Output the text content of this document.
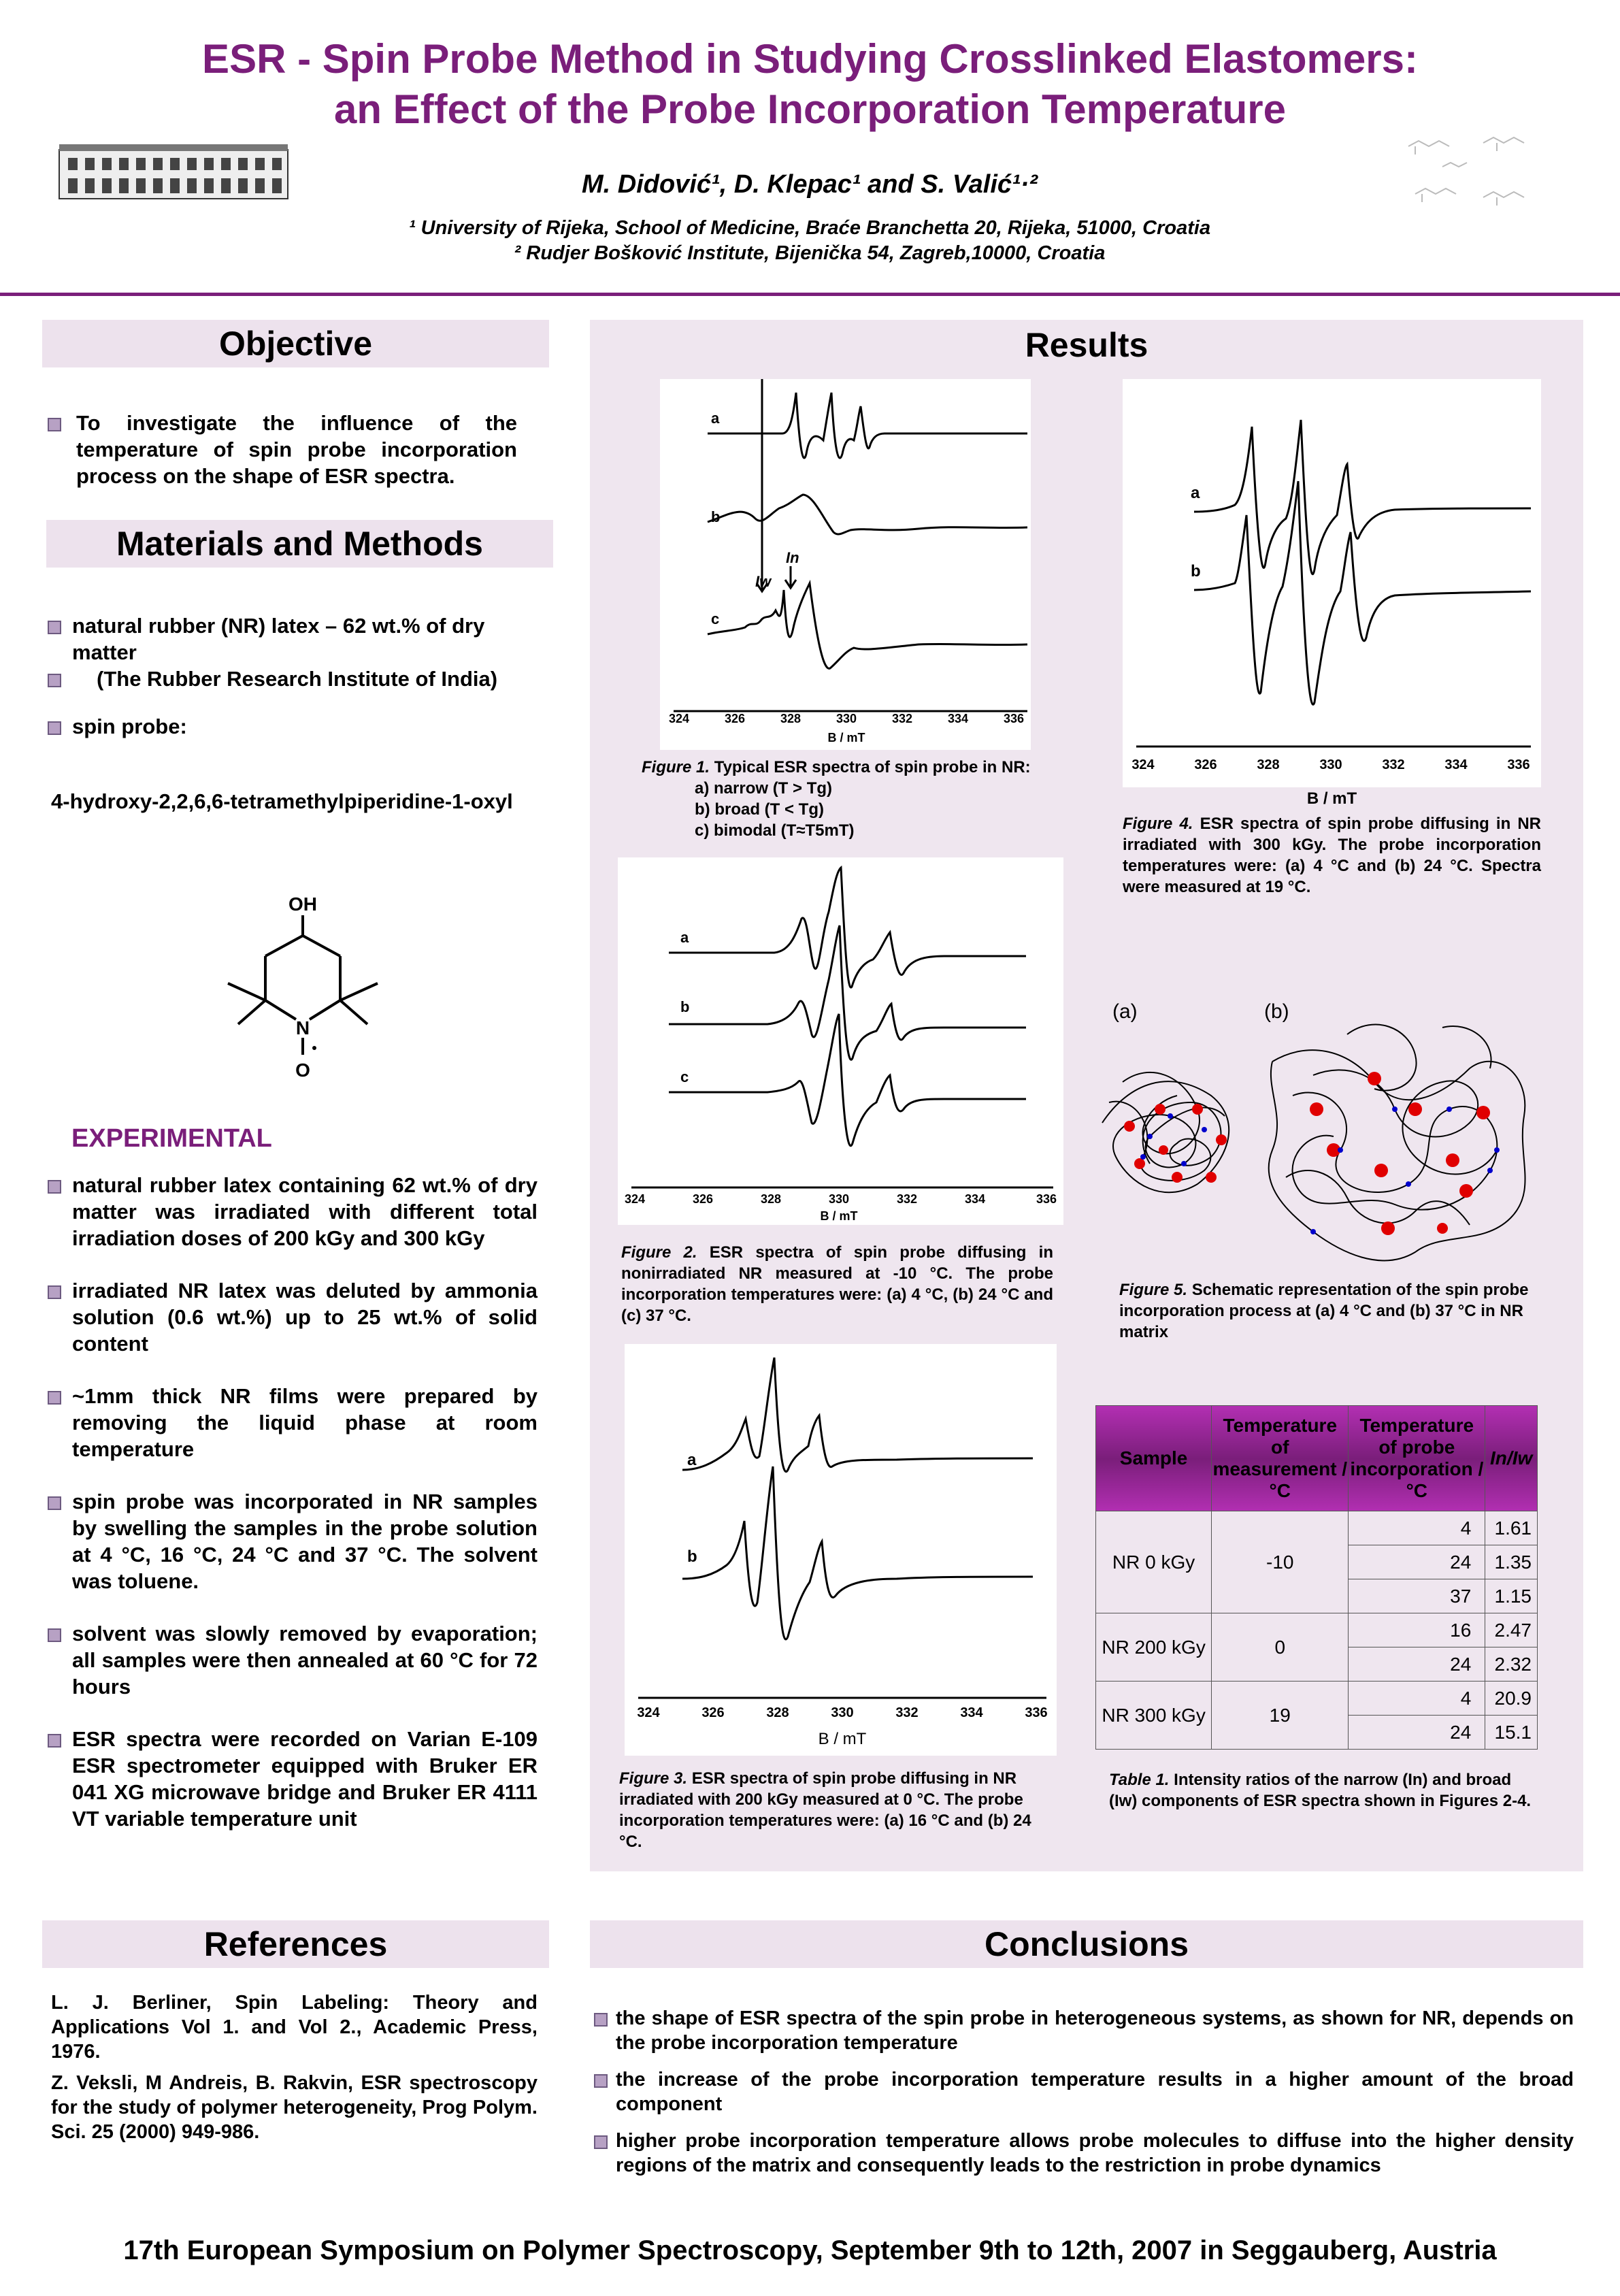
ESR - Spin Probe Method in Studying Crosslinked Elastomers:
an Effect of the Probe Incorporation Temperature
M. Didović¹, D. Klepac¹ and S. Valić¹·²
¹ University of Rijeka, School of Medicine, Braće Branchetta 20, Rijeka, 51000, Croatia
² Rudjer Bošković Institute, Bijenička 54, Zagreb,10000, Croatia
Objective
To investigate the influence of the temperature of spin probe incorporation process on the shape of ESR spectra.
Materials and Methods
natural rubber (NR) latex – 62 wt.% of dry matter
(The Rubber Research Institute of India)
spin probe:
4-hydroxy-2,2,6,6-tetramethylpiperidine-1-oxyl
OH
N
O
EXPERIMENTAL
natural rubber latex containing 62 wt.% of dry matter was irradiated with different total irradiation doses of 200 kGy and 300 kGy
irradiated NR latex was deluted by ammonia solution (0.6 wt.%) up to 25 wt.% of solid content
~1mm thick NR films were prepared by removing the liquid phase at room temperature
spin probe was incorporated in NR samples by swelling the samples in the probe solution at 4 °C, 16 °C, 24 °C and 37 °C. The solvent was toluene.
solvent was slowly removed by evaporation; all samples were then annealed at 60 °C for 72 hours
ESR spectra were recorded on Varian E-109 ESR spectrometer equipped with Bruker ER 041 XG microwave bridge and Bruker ER 4111 VT variable temperature unit
Results
a
b
c
Iw
In
324	326	328	330	332	334	336
B / mT
Figure 1. Typical ESR spectra of spin probe in NR:
a) narrow (T > Tg)
b) broad (T < Tg)
c) bimodal (T≈T5mT)
a
b
324	326	328	330	332	334	336
B / mT
Figure 4. ESR spectra of spin probe diffusing in NR irradiated with 300 kGy. The probe incorporation temperatures were: (a) 4 °C and (b) 24 °C. Spectra were measured at 19 °C.
a
b
c
324	326	328	330	332	334	336
B / mT
Figure 2. ESR spectra of spin probe diffusing in nonirradiated NR measured at -10 °C. The probe incorporation temperatures were: (a) 4 °C, (b) 24 °C and (c) 37 °C.
(a)	(b)
Figure 5. Schematic representation of the spin probe incorporation process at (a) 4 °C and (b) 37 °C in NR matrix
a
b
324	326	328	330	332	334	336
B / mT
Figure 3. ESR spectra of spin probe diffusing in NR irradiated with 200 kGy measured at 0 °C. The probe incorporation temperatures were: (a) 16 °C and (b) 24 °C.
Sample	Temperature of measurement / °C	Temperature of probe incorporation / °C	In/Iw
NR 0 kGy	-10	4	1.61
		24	1.35
		37	1.15
NR 200 kGy	0	16	2.47
		24	2.32
NR 300 kGy	19	4	20.9
		24	15.1
Table 1. Intensity ratios of the narrow (In) and broad (Iw) components of ESR spectra shown in Figures 2-4.
References
L. J. Berliner, Spin Labeling: Theory and Applications Vol 1. and Vol 2., Academic Press, 1976.
Z. Veksli, M Andreis, B. Rakvin, ESR spectroscopy for the study of polymer heterogeneity, Prog Polym. Sci. 25 (2000) 949-986.
Conclusions
the shape of ESR spectra of the spin probe in heterogeneous systems, as shown for NR, depends on the probe incorporation temperature
the increase of the probe incorporation temperature results in a higher amount of the broad component
higher probe incorporation temperature allows probe molecules to diffuse into the higher density regions of the matrix and consequently leads to the restriction in probe dynamics
17th European Symposium on Polymer Spectroscopy, September 9th to 12th, 2007 in Seggauberg, Austria
